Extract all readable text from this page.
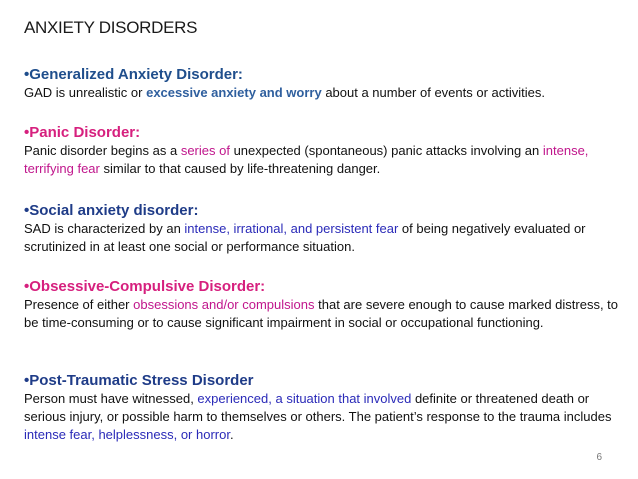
ANXIETY DISORDERS

•Generalized Anxiety Disorder:

GAD is unrealistic or excessive anxiety and worry about a number of events or activities.

•Panic Disorder:

Panic disorder begins as a series of unexpected (spontaneous) panic attacks involving an intense, terrifying fear similar to that caused by life-threatening danger.

•Social anxiety disorder:

SAD is characterized by an intense, irrational, and persistent fear of being negatively evaluated or scrutinized in at least one social or performance situation.

•Obsessive-Compulsive Disorder:

Presence of either obsessions and/or compulsions that are severe enough to cause marked distress, to be time-consuming or to cause significant impairment in social or occupational functioning.

•Post-Traumatic Stress Disorder

Person must have witnessed, experienced, a situation that involved definite or threatened death or serious injury, or possible harm to themselves or others. The patient’s response to the trauma includes intense fear, helplessness, or horror.

6
